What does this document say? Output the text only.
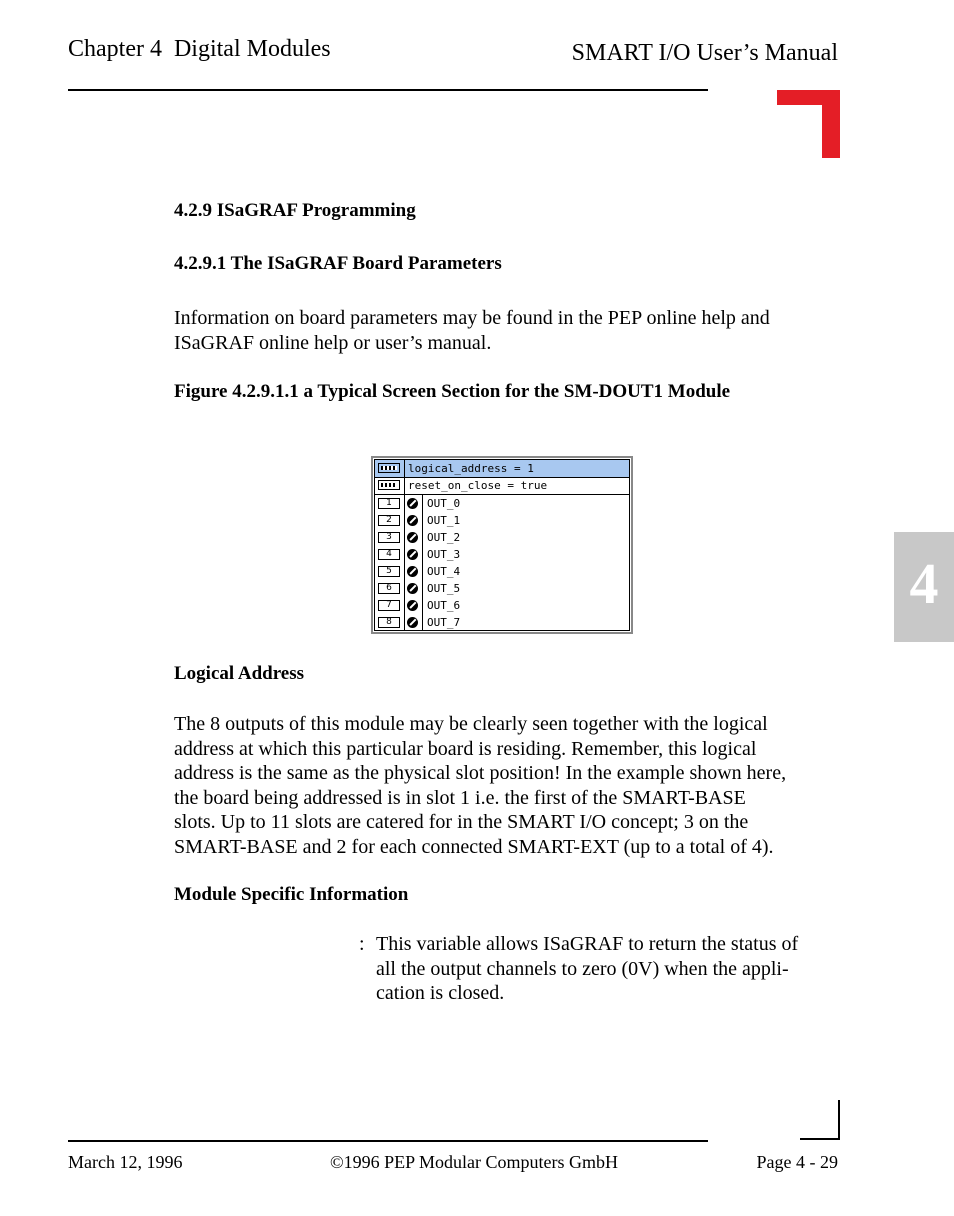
Chapter 4  Digital Modules	SMART I/O User’s Manual
4
4.2.9 ISaGRAF Programming
4.2.9.1 The ISaGRAF Board Parameters
Information on board parameters may be found in the PEP online help and
ISaGRAF online help or user’s manual.
Figure 4.2.9.1.1 a Typical Screen Section for the SM-DOUT1 Module
logical_address = 1
reset_on_close = true
1	OUT_0
2	OUT_1
3	OUT_2
4	OUT_3
5	OUT_4
6	OUT_5
7	OUT_6
8	OUT_7
Logical Address
The 8 outputs of this module may be clearly seen together with the logical
address at which this particular board is residing. Remember, this logical
address is the same as the physical slot position! In the example shown here,
the board being addressed is in slot 1 i.e. the first of the SMART-BASE
slots. Up to 11 slots are catered for in the SMART I/O concept; 3 on the
SMART-BASE and 2 for each connected SMART-EXT (up to a total of 4).
Module Specific Information
: This variable allows ISaGRAF to return the status of
all the output channels to zero (0V) when the appli-
cation is closed.
March 12, 1996	©1996 PEP Modular Computers GmbH	Page 4 - 29
